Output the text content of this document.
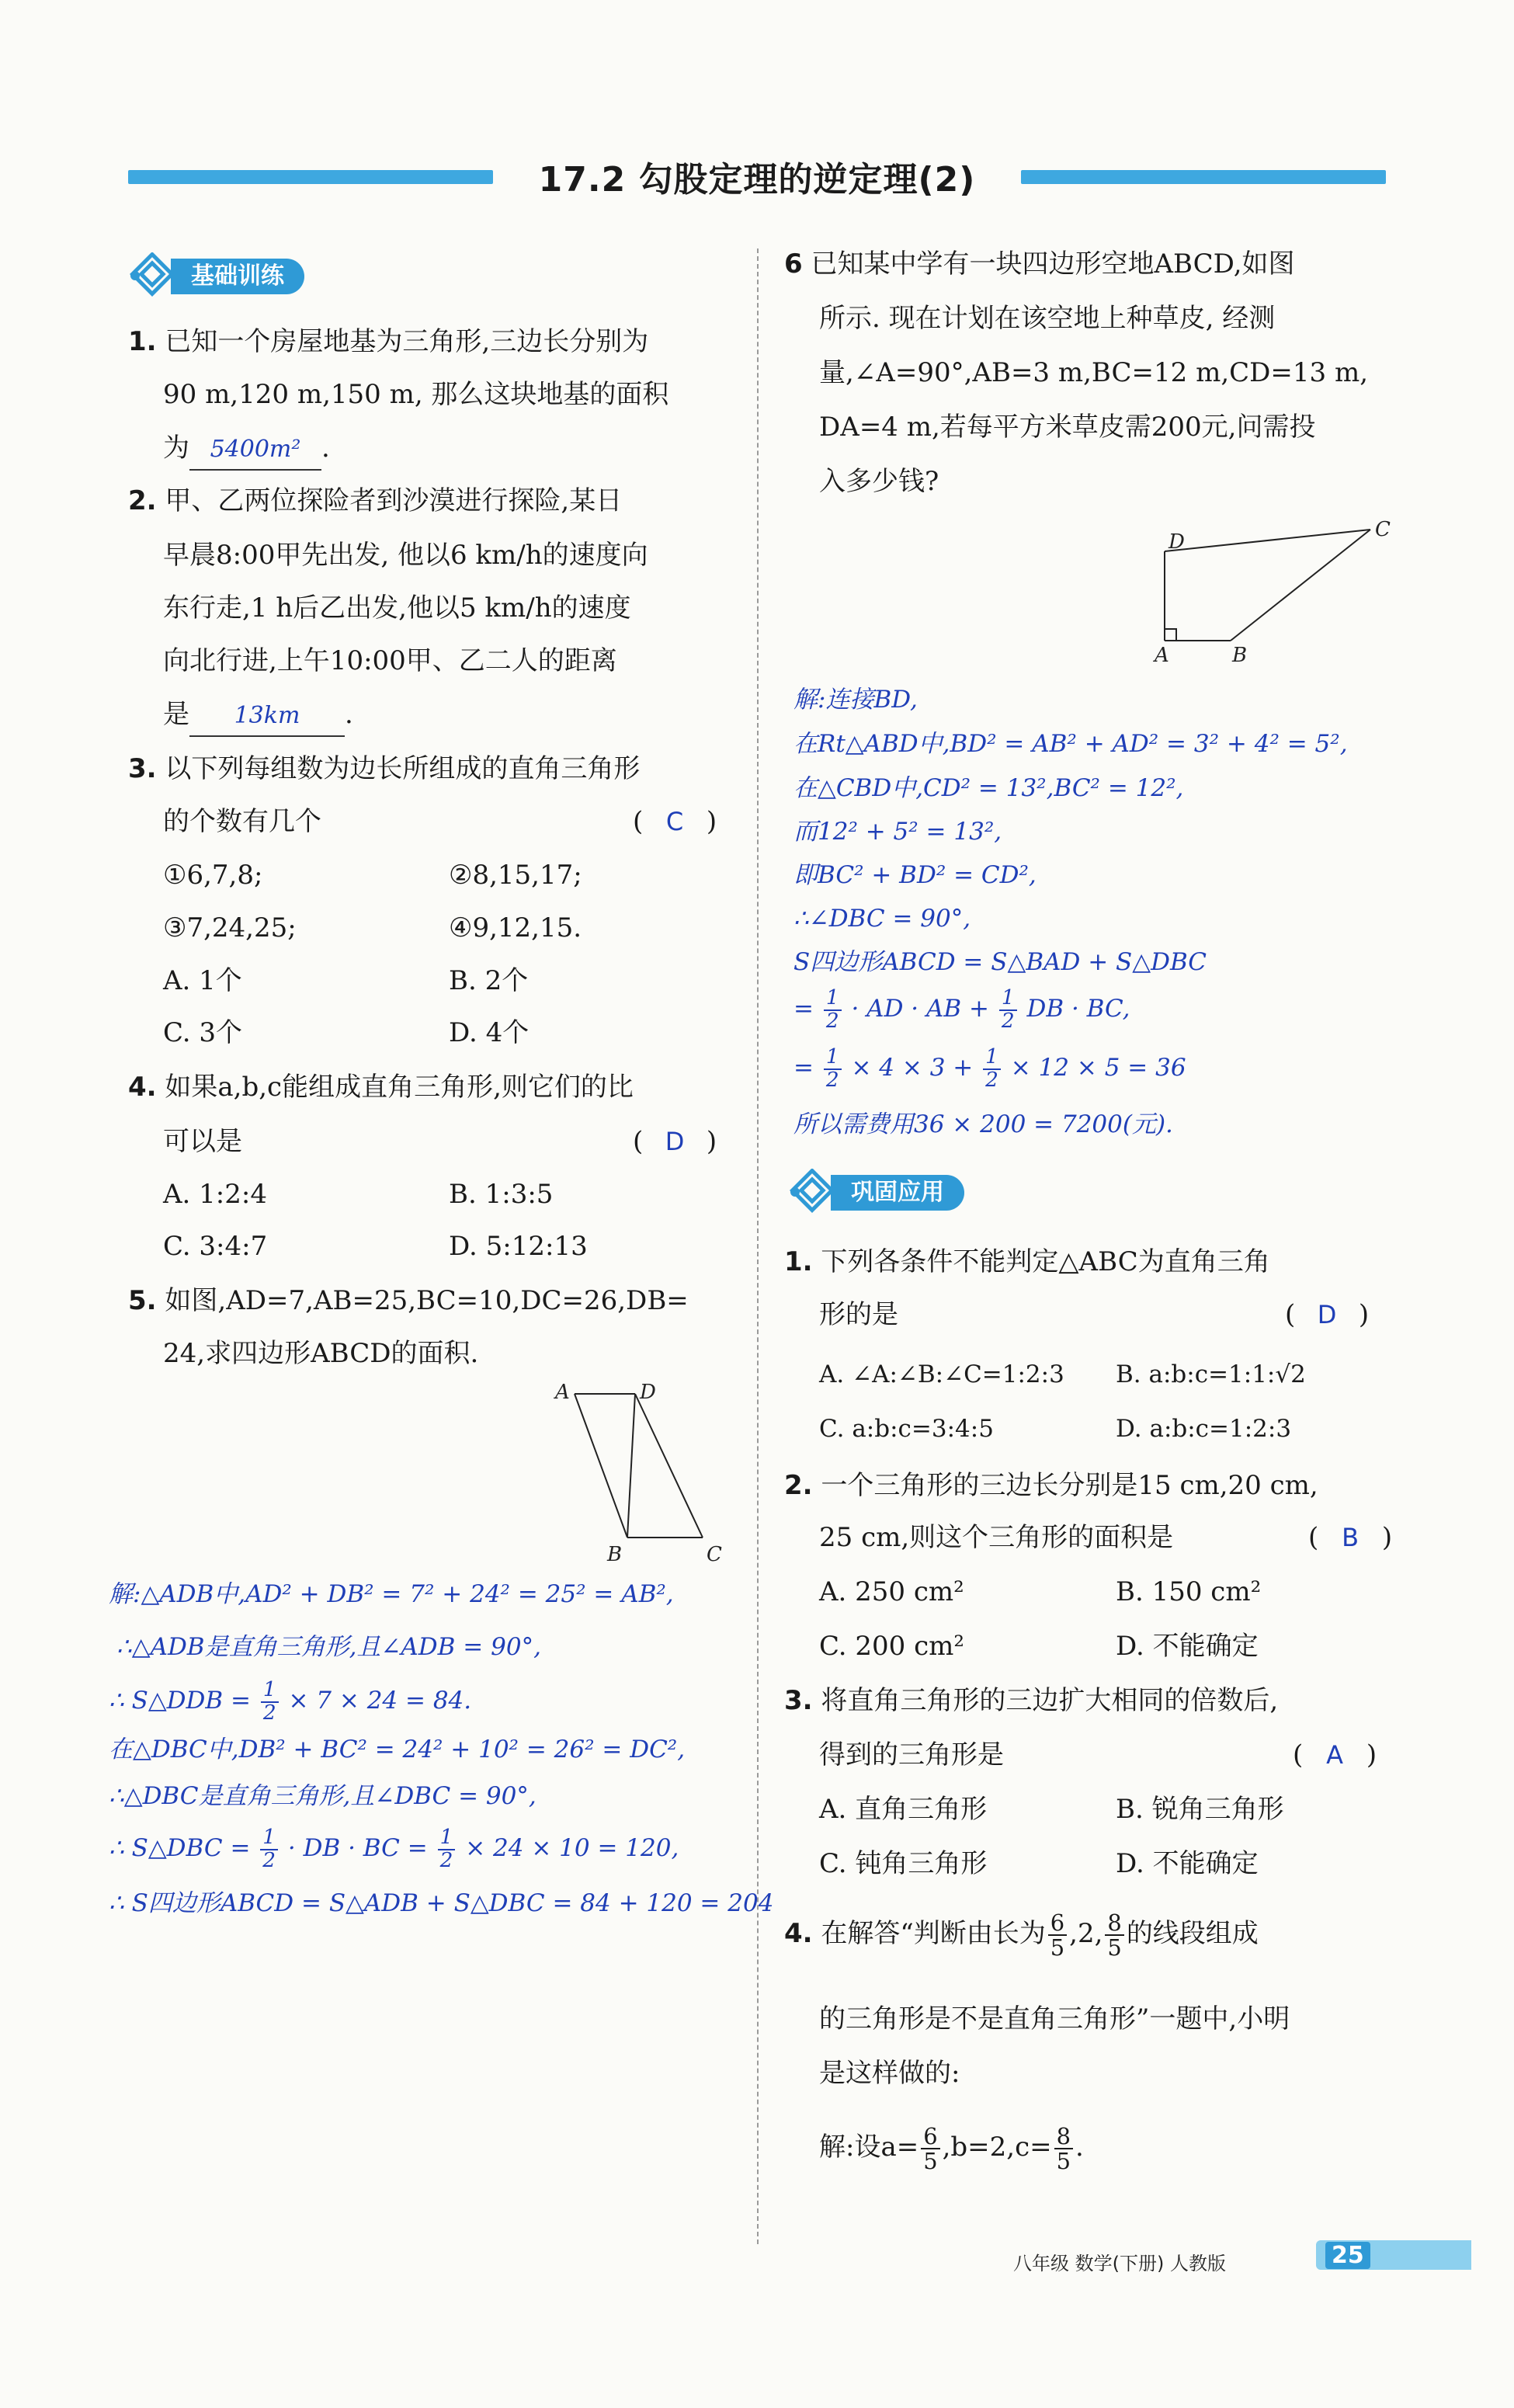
17.2 勾股定理的逆定理(2)
基础训练
1. 已知一个房屋地基为三角形,三边长分别为
90 m,120 m,150 m, 那么这块地基的面积
为 5400m² .
2. 甲、乙两位探险者到沙漠进行探险,某日
早晨8:00甲先出发, 他以6 km/h的速度向
东行走,1 h后乙出发,他以5 km/h的速度
向北行进,上午10:00甲、乙二人的距离
是 13km .
3. 以下列每组数为边长所组成的直角三角形
的个数有几个	( C )
①6,7,8;	②8,15,17;
③7,24,25;	④9,12,15.
A. 1个	B. 2个
C. 3个	D. 4个
4. 如果a,b,c能组成直角三角形,则它们的比
可以是	( D )
A. 1:2:4	B. 1:3:5
C. 3:4:7	D. 5:12:13
5. 如图,AD=7,AB=25,BC=10,DC=26,DB=
24,求四边形ABCD的面积.
A	D
B	C
解:△ADB中,AD² + DB² = 7² + 24² = 25² = AB²,
∴△ADB是直角三角形,且∠ADB = 90°,
∴ S△DDB = $\frac{1}{2} \times 7 \times 24 = 84$.
在△DBC中,DB² + BC² = 24² + 10² = 26² = DC²,
∴△DBC是直角三角形,且∠DBC = 90°,
∴ S△DBC = $\frac{1}{2}$ · DB · BC = $\frac{1}{2} \times 24 \times 10 = 120$,
∴ S四边形ABCD = S△ADB + S△DBC = 84 + 120 = 204
6 已知某中学有一块四边形空地ABCD,如图
所示. 现在计划在该空地上种草皮, 经测
量,∠A=90°,AB=3 m,BC=12 m,CD=13 m,
DA=4 m,若每平方米草皮需200元,问需投
入多少钱?
D
C
A	B
解:连接BD,
在Rt△ABD中,BD² = AB² + AD² = 3² + 4² = 5²,
在△CBD中,CD² = 13²,BC² = 12²,
而12² + 5² = 13²,
即BC² + BD² = CD²,
∴∠DBC = 90°,
S四边形ABCD = S△BAD + S△DBC
= $\frac{1}{2}$ · AD · AB + $\frac{1}{2}$ DB · BC,
= $\frac{1}{2} \times 4 \times 3 + \frac{1}{2} \times 12 \times 5 = 36$
所以需费用36 × 200 = 7200(元).
巩固应用
1. 下列各条件不能判定△ABC为直角三角
形的是	( D )
A. ∠A:∠B:∠C=1:2:3 B. a:b:c=1:1:√2
C. a:b:c=3:4:5	D. a:b:c=1:2:3
2. 一个三角形的三边长分别是15 cm,20 cm,
25 cm,则这个三角形的面积是	( B )
A. 250 cm²	B. 150 cm²
C. 200 cm²	D. 不能确定
3. 将直角三角形的三边扩大相同的倍数后,
得到的三角形是	( A )
A. 直角三角形	B. 锐角三角形
C. 钝角三角形	D. 不能确定
4. 在解答“判断由长为 $\frac{6}{5} ,2$, $\frac{8}{5}$ 的线段组成
的三角形是不是直角三角形”一题中,小明
是这样做的:
解:设$a= \frac{6}{5} ,b=2,c= \frac{8}{5}$ .
八年级 数学(下册) 人教版	25
